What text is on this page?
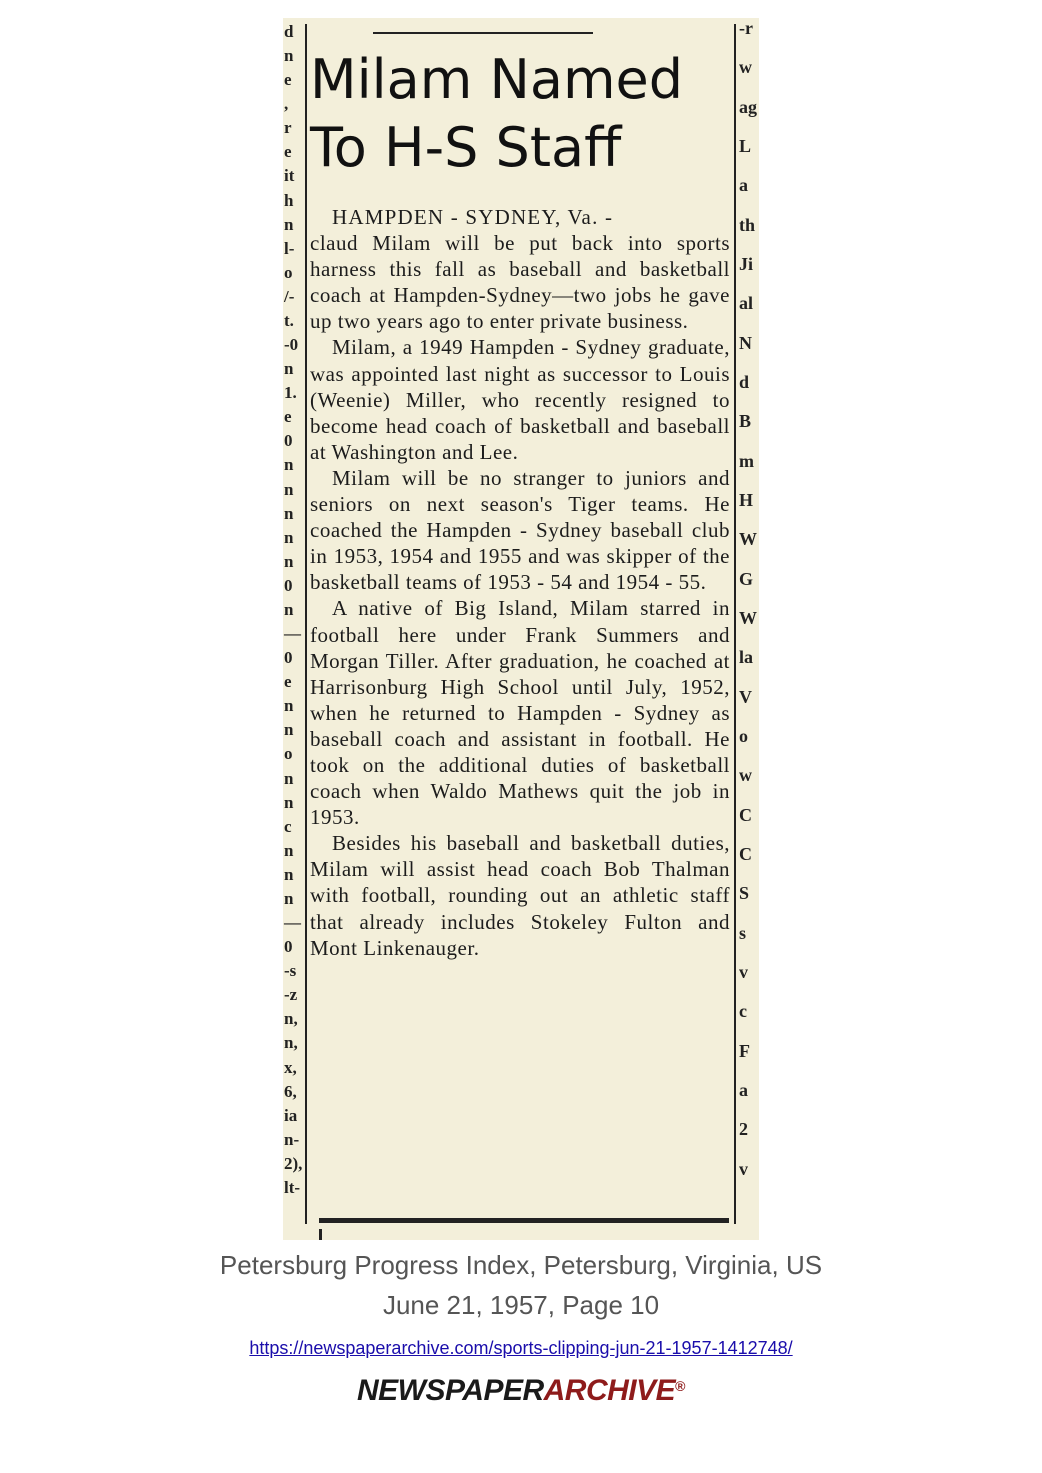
d
n
e
,
r
e
it
h
n
l-
o
/-
t.
-0
n
1.
e
0
n
n
n
n
n
0
n
—
0
e
n
n
o
n
n
c
n
n
n
—
0
-s
-z
n,
n,
x,
6,
ia
n-
2),
lt-
-r
w
ag
L
a
th
Ji
al
N
d
B
m
H
W
G
W
la
V
o
w
C
C
S
s
v
c
F
a
2
v
Milam Named
To H-S Staff

HAMPDEN - SYDNEY, Va. -

claud Milam will be put back into sports harness this fall as baseball and basketball coach at Hampden-Sydney—two jobs he gave up two years ago to enter private business.

Milam, a 1949 Hampden - Sydney graduate, was appointed last night as successor to Louis (Weenie) Miller, who recently resigned to become head coach of basketball and baseball at Washington and Lee.

Milam will be no stranger to juniors and seniors on next season's Tiger teams. He coached the Hampden - Sydney baseball club in 1953, 1954 and 1955 and was skipper of the basketball teams of 1953 - 54 and 1954 - 55.

A native of Big Island, Milam starred in football here under Frank Summers and Morgan Tiller. After graduation, he coached at Harrisonburg High School until July, 1952, when he returned to Hampden - Sydney as baseball coach and assistant in football. He took on the additional duties of basketball coach when Waldo Mathews quit the job in 1953.

Besides his baseball and basketball duties, Milam will assist head coach Bob Thalman with football, rounding out an athletic staff that already includes Stokeley Fulton and Mont Linkenauger.

Petersburg Progress Index, Petersburg, Virginia, US
June 21, 1957, Page 10
https://newspaperarchive.com/sports-clipping-jun-21-1957-1412748/
NEWSPAPERARCHIVE®
